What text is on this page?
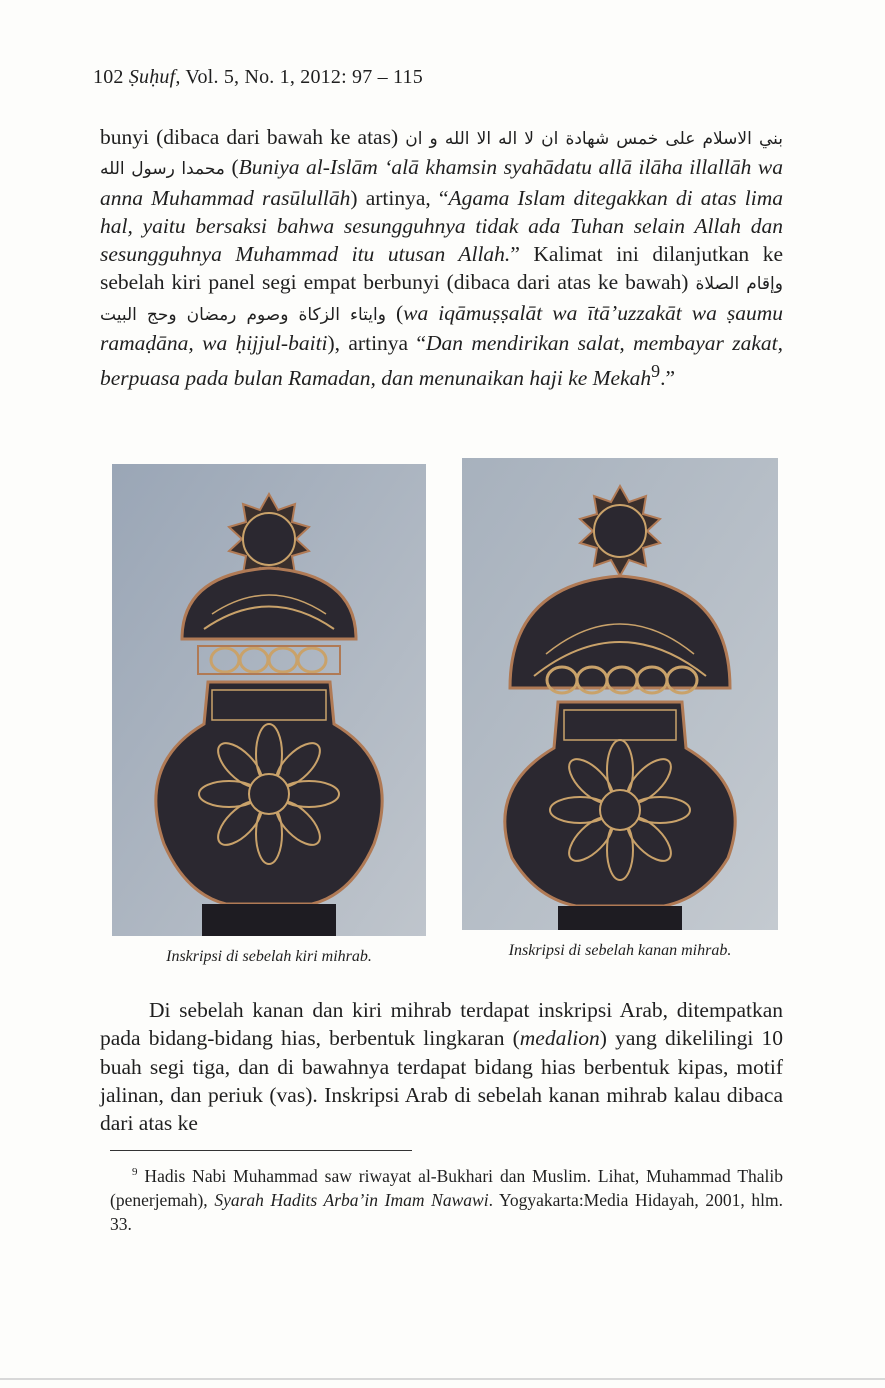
102 Ṣuḥuf, Vol. 5, No. 1, 2012: 97 – 115

bunyi (dibaca dari bawah ke atas) بني الاسلام على خمس شهادة ان لا اله الا الله و ان محمدا رسول الله (Buniya al-Islām ‘alā khamsin syahādatu allā ilāha illallāh wa anna Muhammad rasūlullāh) artinya, “Agama Islam ditegakkan di atas lima hal, yaitu bersaksi bahwa sesungguhnya tidak ada Tuhan selain Allah dan sesungguhnya Muhammad itu utusan Allah.” Kalimat ini dilanjutkan ke sebelah kiri panel segi empat berbunyi (dibaca dari atas ke bawah) وإقام الصلاة وايتاء الزكاة وصوم رمضان وحج البيت (wa iqāmuṣṣalāt wa ītā’uzzakāt wa ṣaumu ramaḍāna, wa ḥijjul-baiti), artinya “Dan mendirikan salat, membayar zakat, berpuasa pada bulan Ramadan, dan menunaikan haji ke Mekah$^9$.”

Inskripsi di sebelah kiri mihrab.	Inskripsi di sebelah kanan mihrab.

Di sebelah kanan dan kiri mihrab terdapat inskripsi Arab, ditempatkan pada bidang-bidang hias, berbentuk lingkaran (medalion) yang dikelilingi 10 buah segi tiga, dan di bawahnya terdapat bidang hias berbentuk kipas, motif jalinan, dan periuk (vas). Inskripsi Arab di sebelah kanan mihrab kalau dibaca dari atas ke

$^9$ Hadis Nabi Muhammad saw riwayat al-Bukhari dan Muslim. Lihat, Muhammad Thalib (penerjemah), Syarah Hadits Arba’in Imam Nawawi. Yogyakarta:Media Hidayah, 2001, hlm. 33.
